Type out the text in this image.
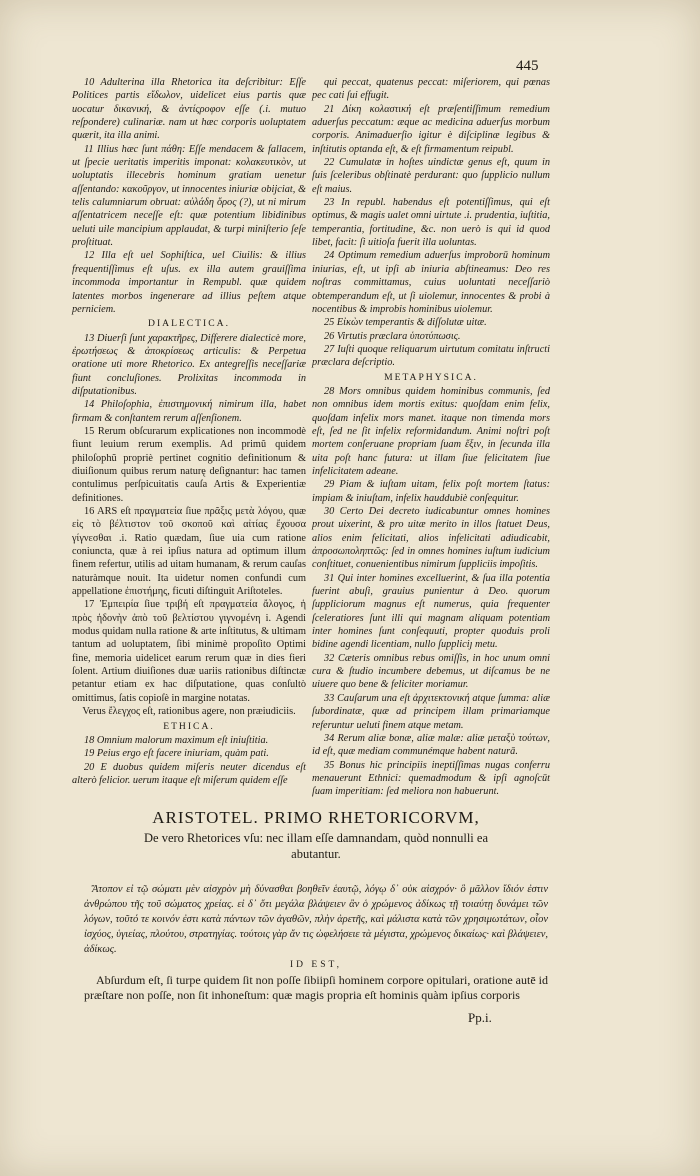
445

10 Adulterina illa Rhetorica ita deſcribitur: Eſſe Politices partis εἴδωλον, uidelicet eius partis quæ uocatur δικανική, & ἀντίςροφον eſſe (.i. mutuo reſpondere) culinariæ. nam ut hæc corporis uoluptatem quærit, ita illa animi.

11 Illius hæc ſunt πάθη: Eſſe mendacem & fallacem, ut ſpecie ueritatis imperitis imponat: κολακευτικὸν, ut uoluptatis illecebris hominum gratiam uenetur aſſentando: κακοῦργον, ut innocentes iniuriæ obijciat, & telis calumniarum obruat: αὐλάδη ὅρος (?), ut ni mirum aſſentatricem neceſſe eſt: quæ potentium libidinibus ueluti uile mancipium applaudat, & turpi miniſterio ſeſe proſtituat.

12 Illa eſt uel Sophiſtica, uel Ciuilis: & illius frequentiſſimus eſt uſus. ex illa autem grauiſſima incommoda importantur in Rempubl. quæ quidem latentes morbos ingenerare ad illius peſtem atque perniciem.

DIALECTICA.

13 Diuerſi ſunt χαρακτῆρες, Differere dialecticè more, ἐρωτήσεως & ἀποκρίσεως articulis: & Perpetua oratione uti more Rhetorico. Ex antegreſſis neceſſariæ fiunt concluſiones. Prolixitas incommoda in diſputationibus.

14 Philoſophia, ἐπιστημονική nimirum illa, habet firmam & conſtantem rerum aſſenſionem.

15 Rerum obſcurarum explicationes non incommodè fiunt leuium rerum exemplis. Ad primũ quidem philoſophũ propriè pertinet cognitio definitionum & diuiſionum quibus rerum naturę deſignantur: hac tamen contulimus perſpicuitatis cauſa Artis & Experientiæ definitiones.

16 ARS eſt πραγματεία ſiue πρᾶξις μετὰ λόγου, quæ εἰς τὸ βέλτιστον τοῦ σκοποῦ καὶ αἰτίας ἔχουσα γίγνεσθαι .i. Ratio quædam, ſiue uia cum ratione coniuncta, quæ à rei ipſius natura ad optimum illum finem refertur, utilis ad uitam humanam, & rerum cauſas naturàmque nouit. Ita uidetur nomen confundi cum appellatione ἐπιστήμης, ficuti diſtinguit Ariſtoteles.

17 Ἐμπειρία ſiue τριβή eſt πραγματεία ἄλογος, ἡ πρὸς ἡδονὴν ἀπὸ τοῦ βελτίστου γιγνομένη i. Agendi modus quidam nulla ratione & arte inſtitutus, & ultimam tantum ad uoluptatem, ſibi minimè propoſito Optimi fine, memoria uidelicet earum rerum quæ in dies fieri ſolent. Artium diuiſiones duæ uariis rationibus diſtinctæ petantur etiam ex hac diſputatione, quas conſultò omittimus, ſatis copioſè in margine notatas.

Verus ἔλεγχος eſt, rationibus agere, non præiudiciis.

ETHICA.

18 Omnium malorum maximum eſt iniuſtitia.

19 Peius ergo eſt facere iniuriam, quàm pati.

20 E duobus quidem miſeris neuter dicendus eſt alterò felicior. uerum itaque eſt miſerum quidem eſſe

qui peccat, quatenus peccat: miſeriorem, qui pœnas pec cati ſui effugit.

21 Δίκη κολαστική eſt præſentiſſimum remedium aduerſus peccatum: æque ac medicina aduerſus morbum corporis. Animaduerſio igitur è diſciplinæ legibus & inſtitutis optanda eſt, & eſt firmamentum reipubl.

22 Cumulatæ in hoſtes uindictæ genus eſt, quum in ſuis ſceleribus obſtinatè perdurant: quo ſupplicio nullum eſt maius.

23 In republ. habendus eſt potentiſſimus, qui eſt optimus, & magis ualet omni uirtute .i. prudentia, iuſtitia, temperantia, fortitudine, &c. non uerò is qui id quod libet, facit: ſi uitioſa fuerit illa uoluntas.

24 Optimum remedium aduerſus improborū hominum iniurias, eſt, ut ipſi ab iniuria abſtineamus: Deo res noſtras committamus, cuius uoluntati neceſſariò obtemperandum eſt, ut ſi uiolemur, innocentes & probi à nocentibus & improbis hominibus uiolemur.

25 Εἰκὼν temperantis & diſſolutæ uitæ.

26 Virtutis præclara ὑποτύπωσις.

27 Iuſti quoque reliquarum uirtutum comitatu inſtructi præclara deſcriptio.

METAPHYSICA.

28 Mors omnibus quidem hominibus communis, ſed non omnibus idem mortis exitus: quoſdam enim felix, quoſdam infelix mors manet. itaque non timenda mors eſt, ſed ne ſit infelix reformidandum. Animi noſtri poſt mortem conſeruane propriam ſuam ἕξιν, in ſecunda illa uita poſt hanc futura: ut illam ſiue felicitatem ſiue infelicitatem adeane.

29 Piam & iuſtam uitam, felix poſt mortem ſtatus: impiam & iniuſtam, infelix hauddubiè conſequitur.

30 Certo Dei decreto iudicabuntur omnes homines prout uixerint, & pro uitæ merito in illos ſtatuet Deus, alios enim felicitati, alios infelicitati adiudicabit, ἀπροσωποληπτῶς: ſed in omnes homines iuſtum iudicium conſtituet, conuenientibus nimirum ſuppliciis impoſitis.

31 Qui inter homines excelluerint, & ſua illa potentia fuerint abuſi, grauius punientur à Deo. quorum ſuppliciorum magnus eſt numerus, quia frequenter ſceleratiores ſunt illi qui magnam aliquam potentiam inter homines ſunt conſequuti, propter quoduis proli bidine agendi licentiam, nullo ſuppliciȷ metu.

32 Cæteris omnibus rebus omiſſis, in hoc unum omni cura & ſtudio incumbere debemus, ut diſcamus be ne uiuere quo bene & feliciter moriamur.

33 Cauſarum una eſt ἀρχιτεκτονική atque ſumma: aliæ ſubordinatæ, quæ ad principem illam primariamque referuntur ueluti finem atque metam.

34 Rerum aliæ bonæ, aliæ malæ: aliæ μεταξὺ τούτων, id eſt, quæ mediam communémque habent naturā.

35 Bonus hic principiis ineptiſſimas nugas conferru menauerunt Ethnici: quemadmodum & ipſi agnoſcūt ſuam imperitiam: ſed meliora non habuerunt.

ARISTOTEL. PRIMO RHETORICORVM,
De vero Rhetorices vſu: nec illam eſſe damnandam, quòd nonnulli ea abutantur.
Ἄτοπον εἰ τῷ σώματι μὲν αἰσχρὸν μὴ δύνασθαι βοηθεῖν ἑαυτῷ, λόγῳ δ᾽ οὐκ αἰσχρόν· ὃ μᾶλλον ἴδιόν ἐστιν ἀνθρώπου τῆς τοῦ σώματος χρείας. εἰ δ᾽ ὅτι μεγάλα βλάψειεν ἂν ὁ χρώμενος ἀδίκως τῇ τοιαύτῃ δυνάμει τῶν λόγων, τοῦτό τε κοινόν ἐστι κατὰ πάντων τῶν ἀγαθῶν, πλὴν ἀρετῆς, καὶ μάλιστα κατὰ τῶν χρησιμωτάτων, οἷον ἰσχύος, ὑγιείας, πλούτου, στρατηγίας. τούτοις γὰρ ἄν τις ὠφελήσειε τὰ μέγιστα, χρώμενος δικαίως· καὶ βλάψειεν, ἀδίκως.
ID EST,
Abſurdum eſt, ſi turpe quidem ſit non poſſe ſibiipſi hominem corpore opitulari, oratione autē id præſtare non poſſe, non ſit inhoneſtum: quæ magis propria eſt hominis quàm ipſius corporis
Pp.i.
